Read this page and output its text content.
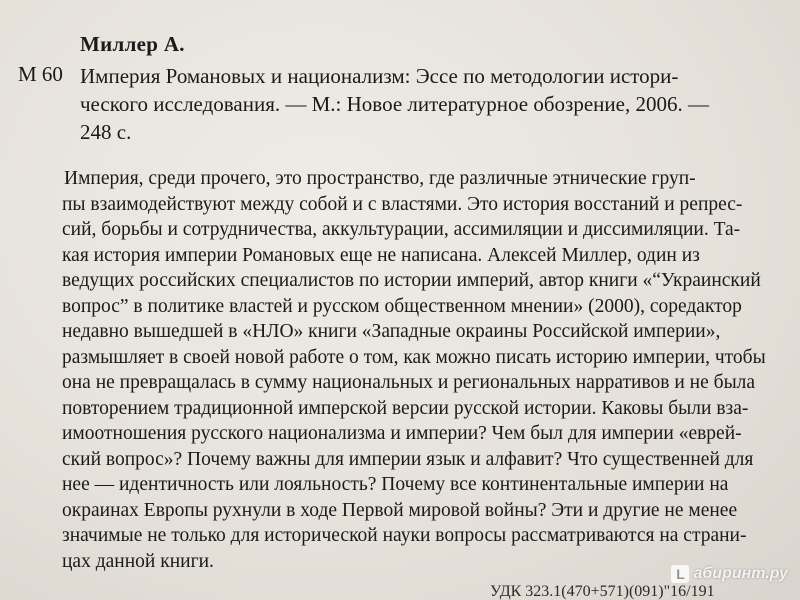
Миллер А.
М 60 Империя Романовых и национализм: Эссе по методологии истори-
ческого исследования. — М.: Новое литературное обозрение, 2006. —
248 с.
Империя, среди прочего, это пространство, где различные этнические груп-
пы взаимодействуют между собой и с властями. Это история восстаний и репрес-
сий, борьбы и сотрудничества, аккультурации, ассимиляции и диссимиляции. Та-
кая история империи Романовых еще не написана. Алексей Миллер, один из
ведущих российских специалистов по истории империй, автор книги «“Украинский
вопрос” в политике властей и русском общественном мнении» (2000), соредактор
недавно вышедшей в «НЛО» книги «Западные окраины Российской империи»,
размышляет в своей новой работе о том, как можно писать историю империи, чтобы
она не превращалась в сумму национальных и региональных нарративов и не была
повторением традиционной имперской версии русской истории. Каковы были вза-
имоотношения русского национализма и империи? Чем был для империи «еврей-
ский вопрос»? Почему важны для империи язык и алфавит? Что существенней для
нее — идентичность или лояльность? Почему все континентальные империи на
окраинах Европы рухнули в ходе Первой мировой войны? Эти и другие не менее
значимые не только для исторической науки вопросы рассматриваются на страни-
цах данной книги.
УДК 323.1(470+571)(091)"16/191
L абиринт.ру
